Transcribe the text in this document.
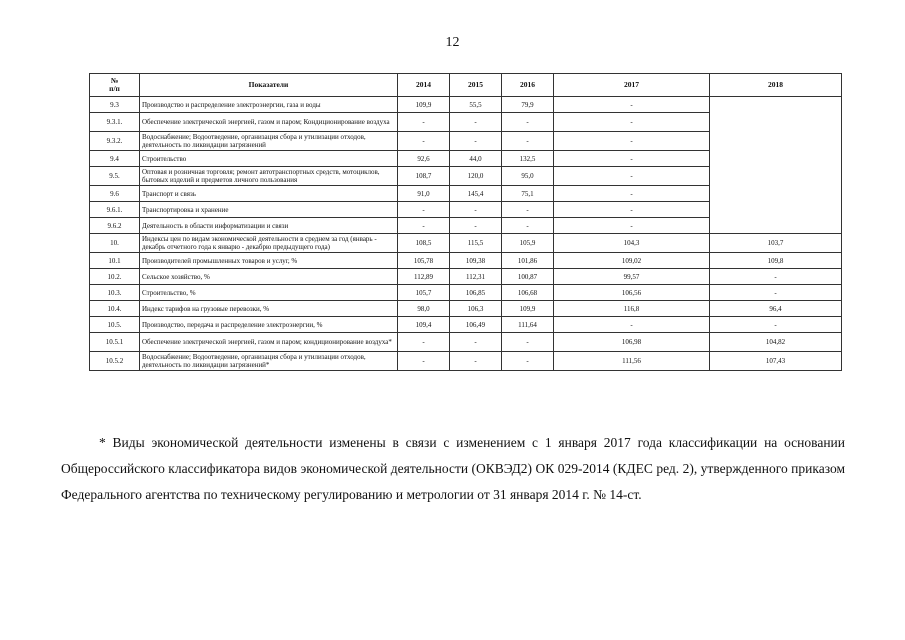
12
№
п/п	Показатели	2014	2015	2016	2017	2018
9.3	Производство и распределение электроэнергии, газа и воды	109,9	55,5	79,9	-	
9.3.1.	Обеспечение электрической энергией, газом и паром; Кондиционирование воздуха	-	-	-	-	
9.3.2.	Водоснабжение; Водоотведение, организация сбора и утилизации отходов, деятельность по ликвидации загрязнений	-	-	-	-	
9.4	Строительство	92,6	44,0	132,5	-	
9.5.	Оптовая и розничная торговля; ремонт автотранспортных средств, мотоциклов, бытовых изделий и предметов личного пользования	108,7	120,0	95,0	-	
9.6	Транспорт и связь	91,0	145,4	75,1	-	
9.6.1.	Транспортировка и хранение	-	-	-	-	
9.6.2	Деятельность в области информатизации и связи	-	-	-	-	
10.	Индексы цен по видам экономической деятельности в среднем за год (январь - декабрь отчетного года к январю - декабрю предыдущего года)	108,5	115,5	105,9	104,3	103,7
10.1	Производителей промышленных товаров и услуг, %	105,78	109,38	101,86	109,02	109,8
10.2.	Сельское хозяйство, %	112,89	112,31	100,87	99,57	-
10.3.	Строительство, %	105,7	106,85	106,68	106,56	-
10.4.	Индекс тарифов на грузовые перевозки, %	98,0	106,3	109,9	116,8	96,4
10.5.	Производство, передача и распределение электроэнергии, %	109,4	106,49	111,64	-	-
10.5.1	Обеспечение электрической энергией, газом и паром; кондиционирование воздуха*	-	-	-	106,98	104,82
10.5.2	Водоснабжение; Водоотведение, организация сбора и утилизации отходов, деятельность по ликвидации загрязнений*	-	-	-	111,56	107,43

* Виды экономической деятельности изменены в связи с изменением с 1 января 2017 года классификации на основании Общероссийского классификатора видов экономической деятельности (ОКВЭД2) ОК 029-2014 (КДЕС ред. 2), утвержденного приказом Федерального агентства по техническому регулированию и метрологии от 31 января 2014 г. № 14-ст.
